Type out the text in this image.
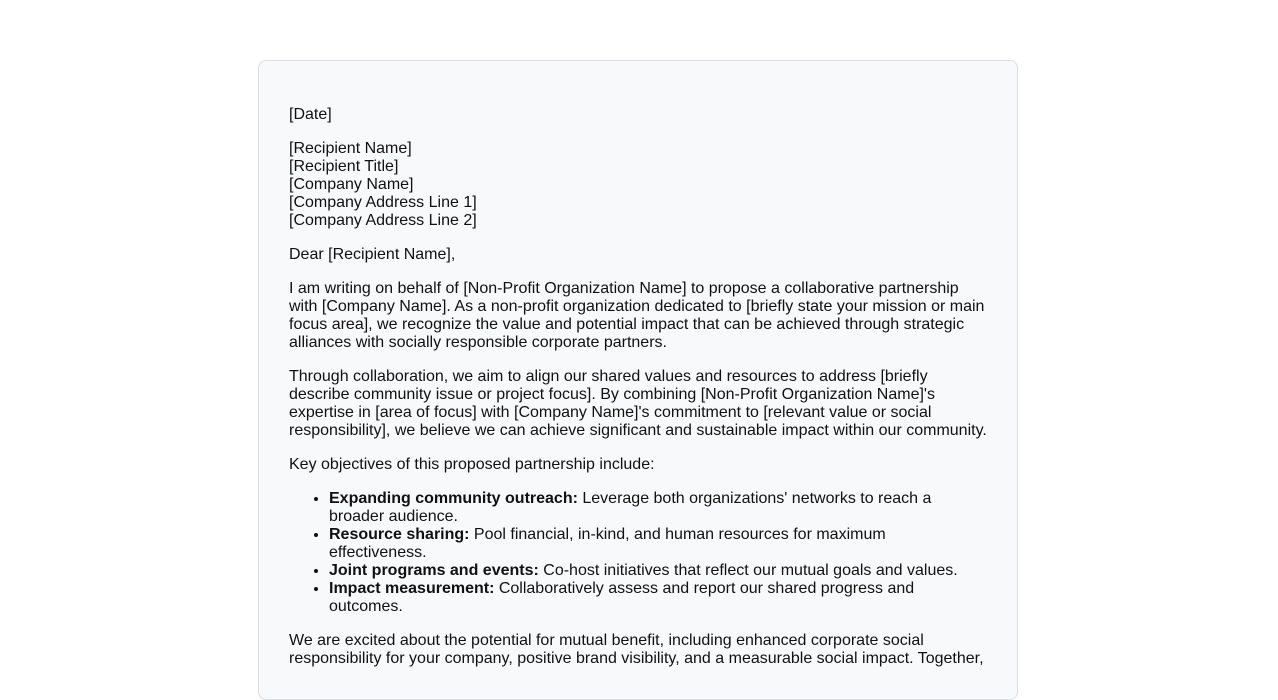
[Date]

[Recipient Name]
[Recipient Title]
[Company Name]
[Company Address Line 1]
[Company Address Line 2]

Dear [Recipient Name],

I am writing on behalf of [Non-Profit Organization Name] to propose a collaborative partnership with [Company Name]. As a non-profit organization dedicated to [briefly state your mission or main focus area], we recognize the value and potential impact that can be achieved through strategic alliances with socially responsible corporate partners.

Through collaboration, we aim to align our shared values and resources to address [briefly describe community issue or project focus]. By combining [Non-Profit Organization Name]'s expertise in [area of focus] with [Company Name]'s commitment to [relevant value or social responsibility], we believe we can achieve significant and sustainable impact within our community.

Key objectives of this proposed partnership include:

• Expanding community outreach: Leverage both organizations' networks to reach a broader audience.
• Resource sharing: Pool financial, in-kind, and human resources for maximum effectiveness.
• Joint programs and events: Co-host initiatives that reflect our mutual goals and values.
• Impact measurement: Collaboratively assess and report our shared progress and outcomes.

We are excited about the potential for mutual benefit, including enhanced corporate social responsibility for your company, positive brand visibility, and a measurable social impact. Together,
